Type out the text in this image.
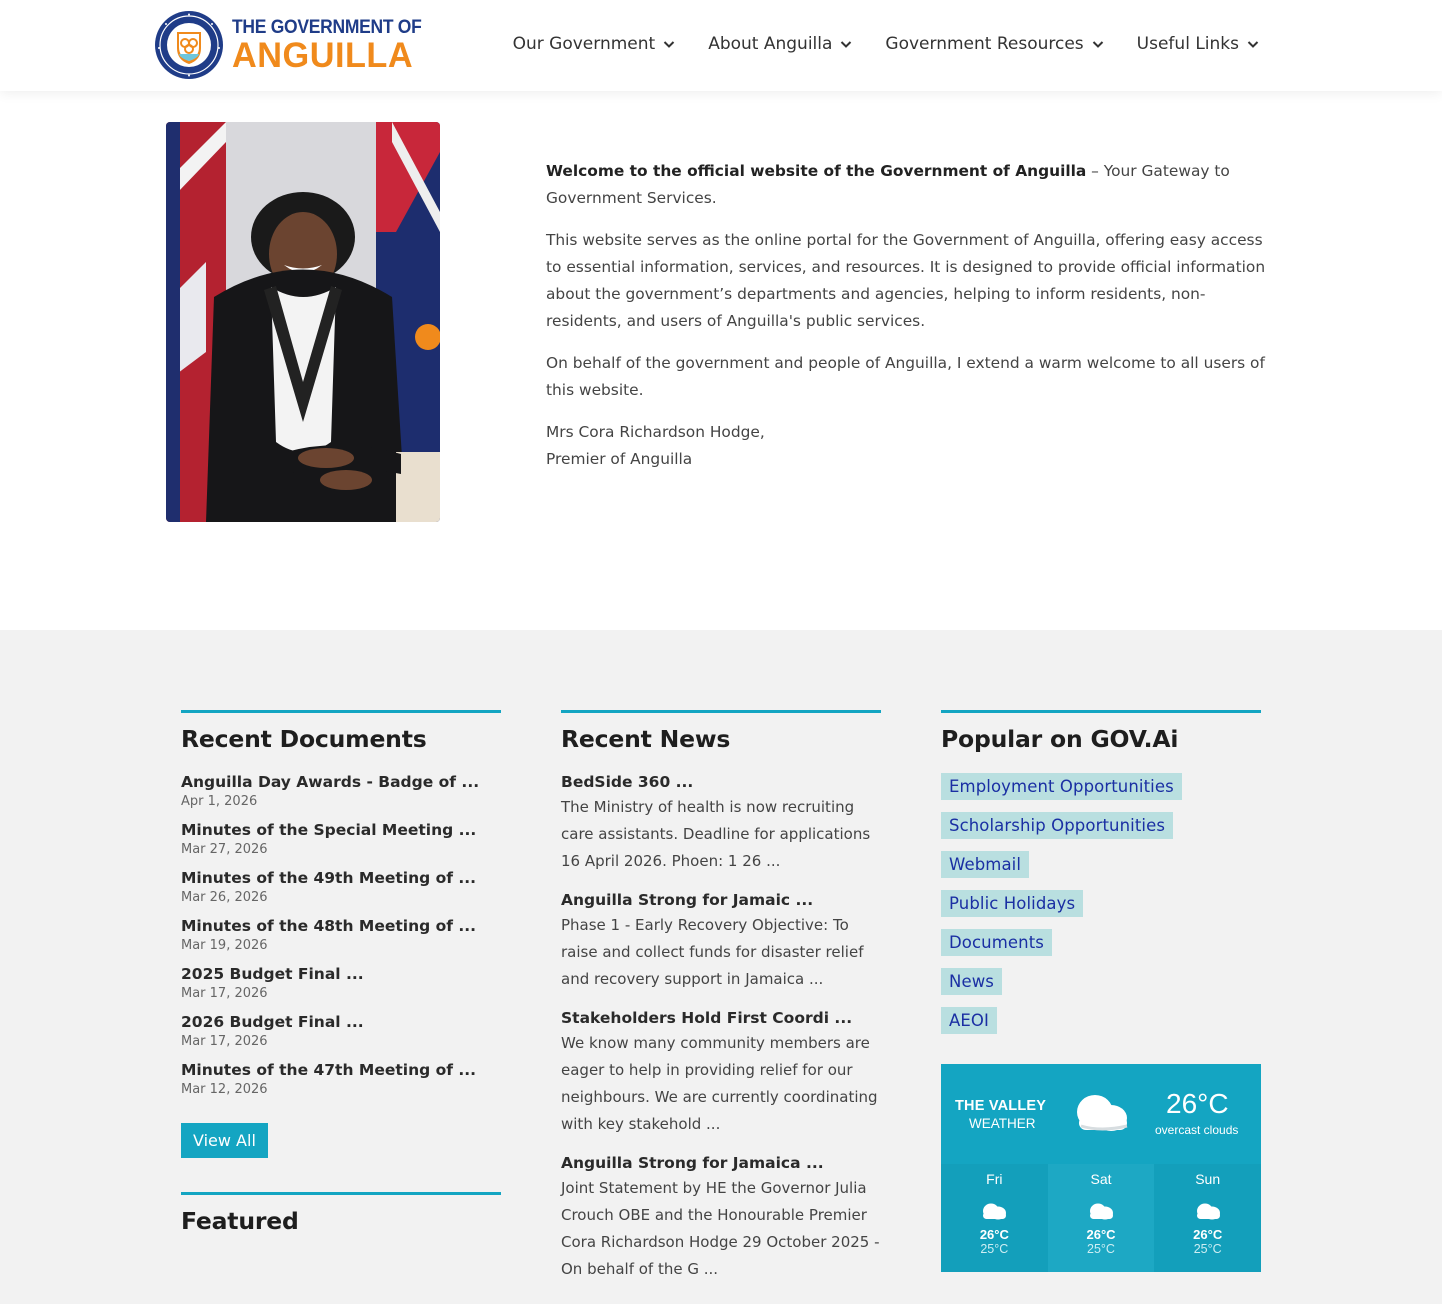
THE GOVERNMENT OF
ANGUILLA	Our Government	About Anguilla	Government Resources	Useful Links

Welcome to the official website of the Government of Anguilla – Your Gateway to Government Services.

This website serves as the online portal for the Government of Anguilla, offering easy access to essential information, services, and resources. It is designed to provide official information about the government’s departments and agencies, helping to inform residents, non-residents, and users of Anguilla's public services.

On behalf of the government and people of Anguilla, I extend a warm welcome to all users of this website.

Mrs Cora Richardson Hodge,
Premier of Anguilla

Recent Documents
Anguilla Day Awards - Badge of ...
Apr 1, 2026
Minutes of the Special Meeting ...
Mar 27, 2026
Minutes of the 49th Meeting of ...
Mar 26, 2026
Minutes of the 48th Meeting of ...
Mar 19, 2026
2025 Budget Final ...
Mar 17, 2026
2026 Budget Final ...
Mar 17, 2026
Minutes of the 47th Meeting of ...
Mar 12, 2026
View All
Featured
Recent News
BedSide 360 ...
The Ministry of health is now recruiting care assistants. Deadline for applications 16 April 2026. Phoen: 1 26 ...
Anguilla Strong for Jamaic ...
Phase 1 - Early Recovery Objective: To raise and collect funds for disaster relief and recovery support in Jamaica ...
Stakeholders Hold First Coordi ...
We know many community members are eager to help in providing relief for our neighbours. We are currently coordinating with key stakehold ...
Anguilla Strong for Jamaica ...
Joint Statement by HE the Governor Julia Crouch OBE and the Honourable Premier Cora Richardson Hodge 29 October 2025 - On behalf of the G ...
Popular on GOV.Ai
Employment Opportunities
Scholarship Opportunities
Webmail
Public Holidays
Documents
News
AEOI
THE VALLEY
WEATHER
26°C
overcast clouds
Fri
26°C
25°C
Sat
26°C
25°C
Sun
26°C
25°C
